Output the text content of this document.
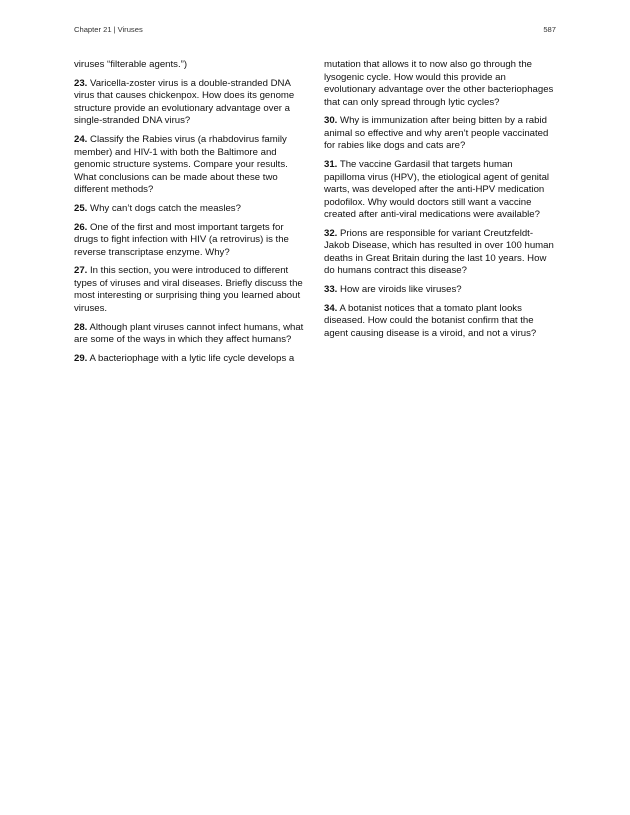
Chapter 21 | Viruses	587

viruses “filterable agents.”)

23. Varicella-zoster virus is a double-stranded DNA virus that causes chickenpox. How does its genome structure provide an evolutionary advantage over a single-stranded DNA virus?

24. Classify the Rabies virus (a rhabdovirus family member) and HIV-1 with both the Baltimore and genomic structure systems. Compare your results. What conclusions can be made about these two different methods?

25. Why can’t dogs catch the measles?

26. One of the first and most important targets for drugs to fight infection with HIV (a retrovirus) is the reverse transcriptase enzyme. Why?

27. In this section, you were introduced to different types of viruses and viral diseases. Briefly discuss the most interesting or surprising thing you learned about viruses.

28. Although plant viruses cannot infect humans, what are some of the ways in which they affect humans?

29. A bacteriophage with a lytic life cycle develops a

mutation that allows it to now also go through the lysogenic cycle. How would this provide an evolutionary advantage over the other bacteriophages that can only spread through lytic cycles?

30. Why is immunization after being bitten by a rabid animal so effective and why aren’t people vaccinated for rabies like dogs and cats are?

31. The vaccine Gardasil that targets human papilloma virus (HPV), the etiological agent of genital warts, was developed after the anti-HPV medication podofilox. Why would doctors still want a vaccine created after anti-viral medications were available?

32. Prions are responsible for variant Creutzfeldt-Jakob Disease, which has resulted in over 100 human deaths in Great Britain during the last 10 years. How do humans contract this disease?

33. How are viroids like viruses?

34. A botanist notices that a tomato plant looks diseased. How could the botanist confirm that the agent causing disease is a viroid, and not a virus?
